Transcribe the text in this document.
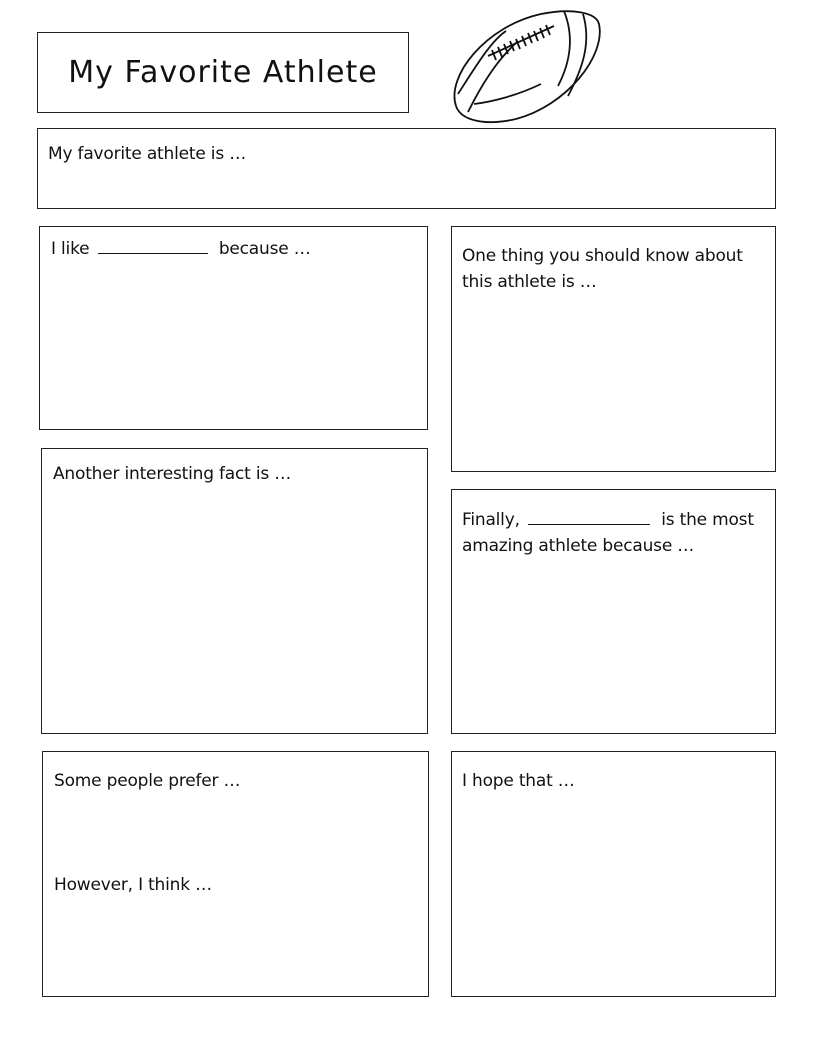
My Favorite Athlete
My favorite athlete is …
I like	because …	One thing you should know about this athlete is …
Another interesting fact is …
Finally,	is the most amazing athlete because …
Some people prefer …
However, I think …
I hope that …
